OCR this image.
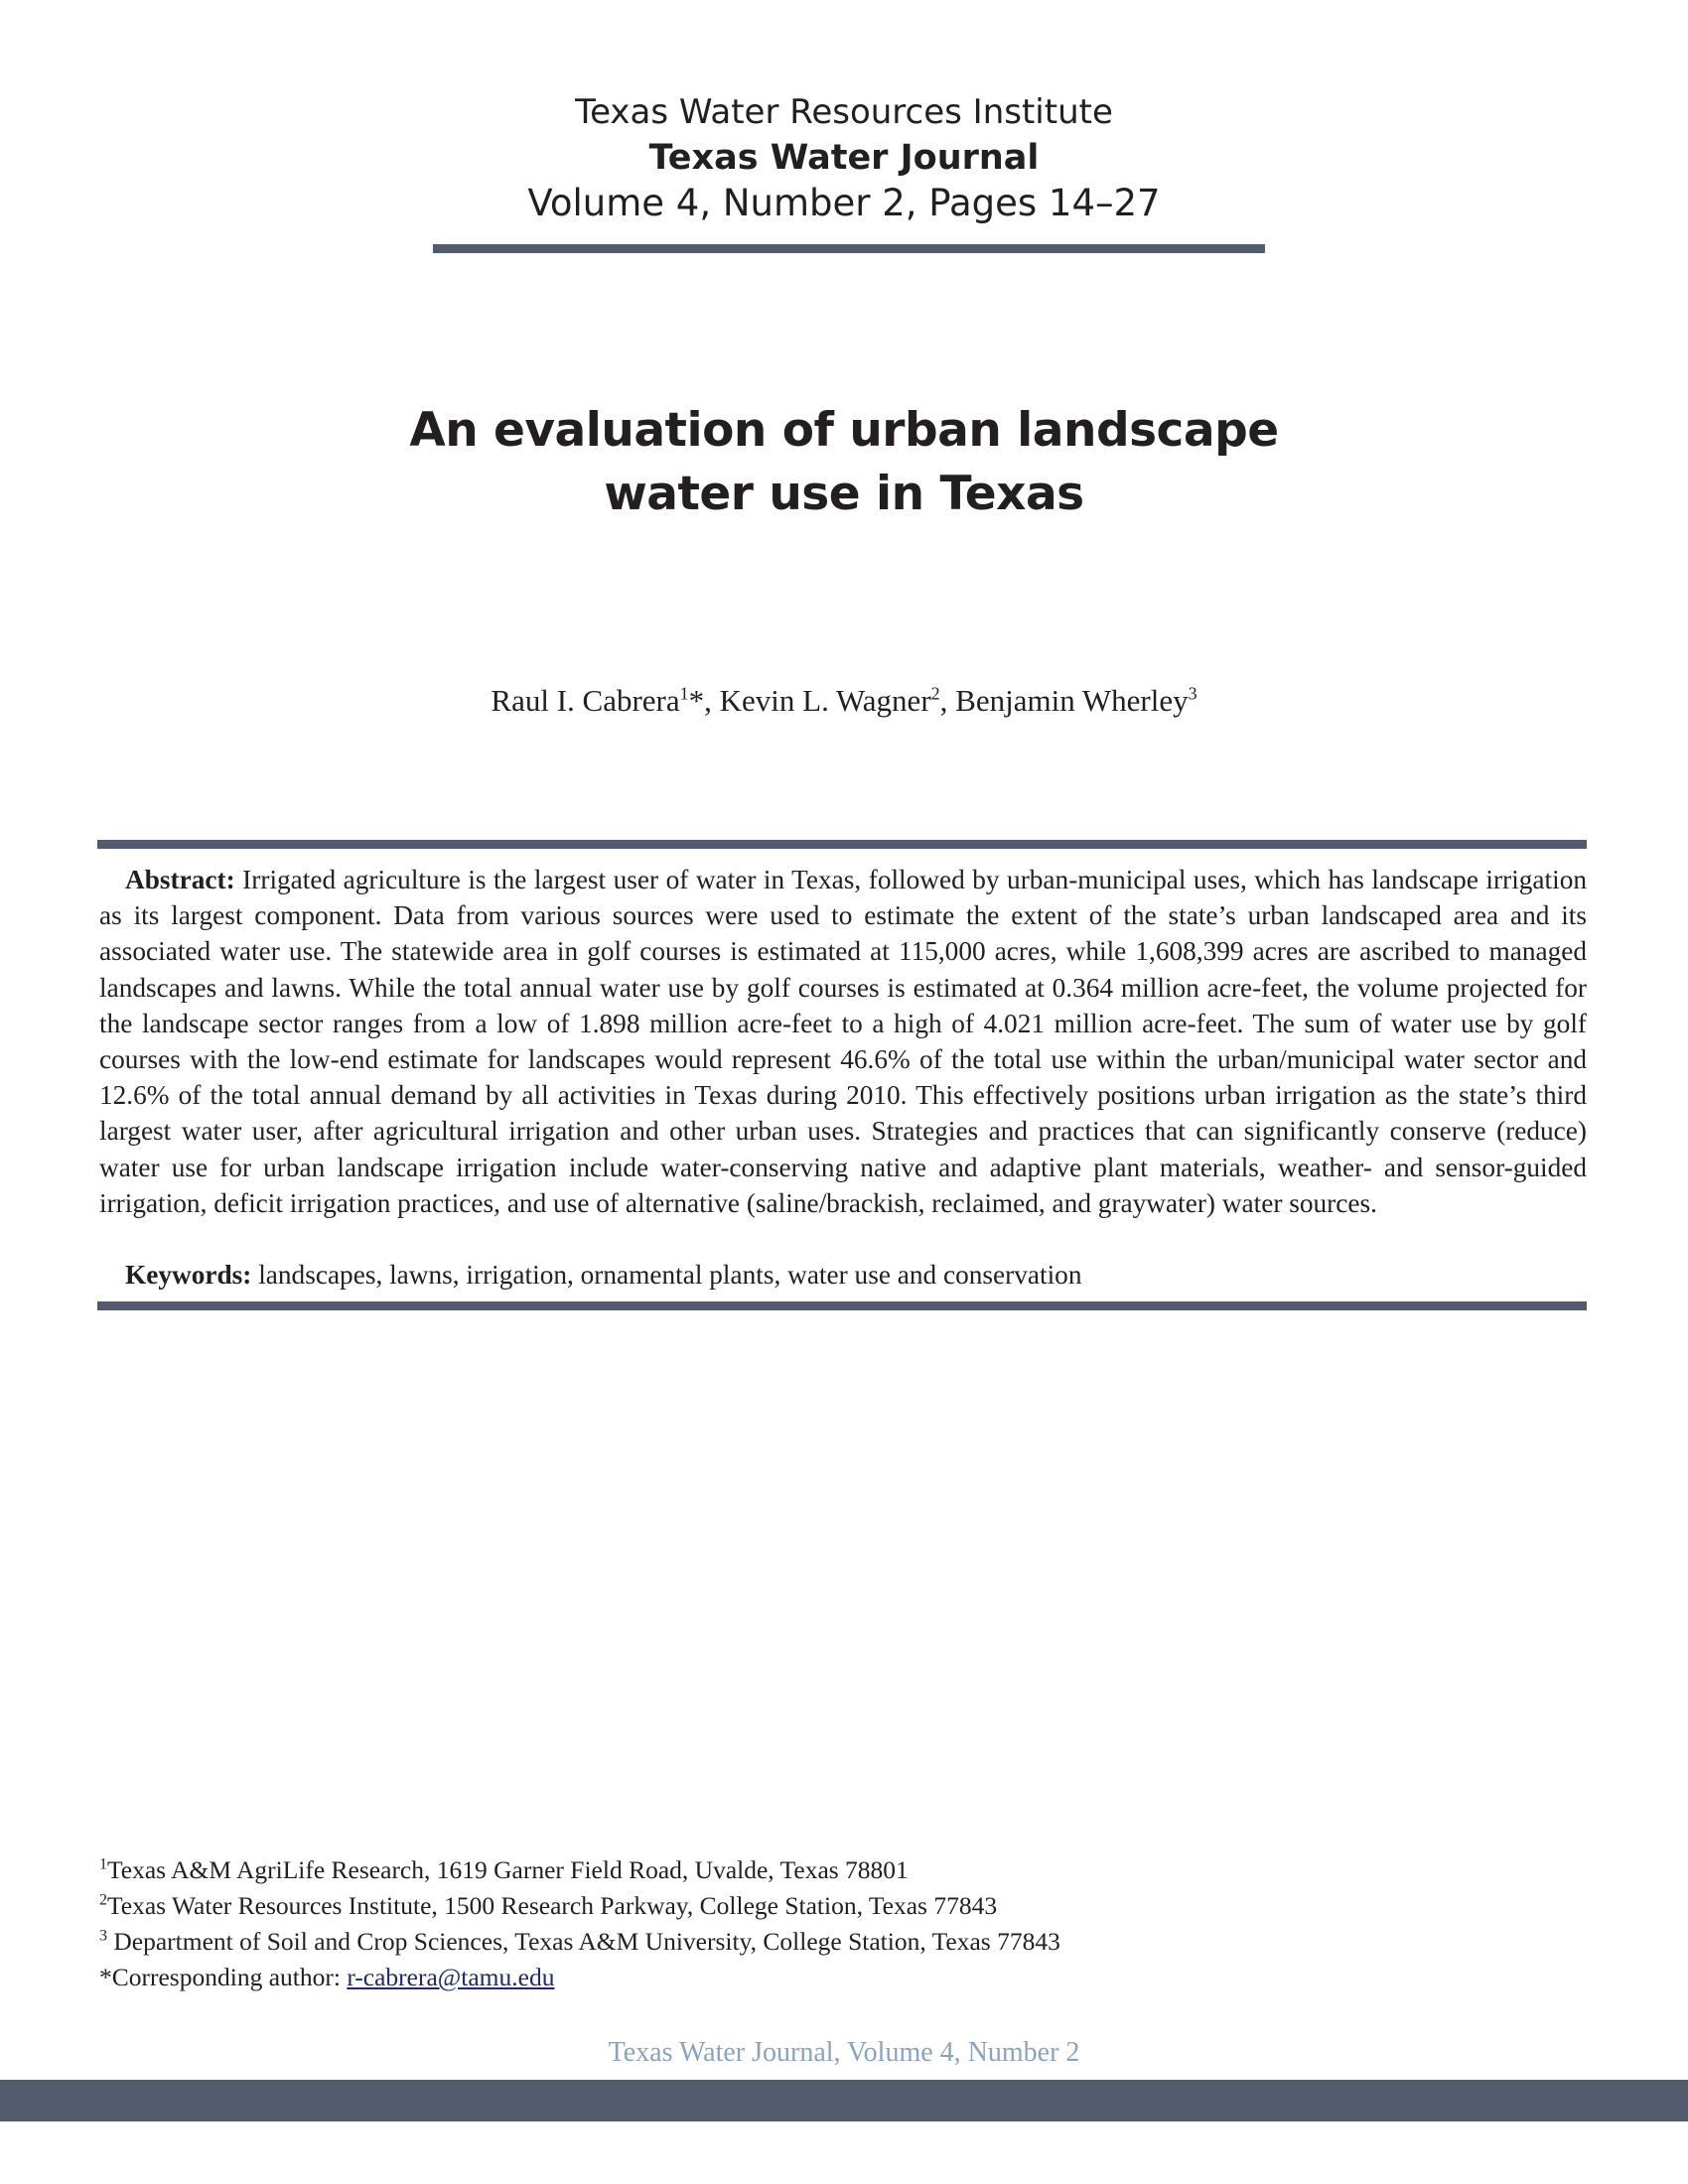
Texas Water Resources Institute
Texas Water Journal
Volume 4, Number 2, Pages 14–27
An evaluation of urban landscape
water use in Texas
Raul I. Cabrera$^1$*, Kevin L. Wagner$^2$, Benjamin Wherley$^3$

Abstract: Irrigated agriculture is the largest user of water in Texas, followed by urban-municipal uses, which has landscape irrigation as its largest component. Data from various sources were used to estimate the extent of the state’s urban landscaped area and its associated water use. The statewide area in golf courses is estimated at 115,000 acres, while 1,608,399 acres are ascribed to managed landscapes and lawns. While the total annual water use by golf courses is estimated at 0.364 million acre-feet, the volume projected for the landscape sector ranges from a low of 1.898 million acre-feet to a high of 4.021 million acre-feet. The sum of water use by golf courses with the low-end estimate for landscapes would represent 46.6% of the total use within the urban/municipal water sector and 12.6% of the total annual demand by all activities in Texas during 2010. This effectively positions urban irrigation as the state’s third largest water user, after agricultural irrigation and other urban uses. Strategies and practices that can significantly conserve (reduce) water use for urban landscape irrigation include water-conserving native and adaptive plant materials, weather- and sensor-guided irrigation, deficit irrigation practices, and use of alternative (saline/brackish, reclaimed, and graywater) water sources.

Keywords: landscapes, lawns, irrigation, ornamental plants, water use and conservation

$^1$Texas A&M AgriLife Research, 1619 Garner Field Road, Uvalde, Texas 78801
$^2$Texas Water Resources Institute, 1500 Research Parkway, College Station, Texas 77843
$^3$ Department of Soil and Crop Sciences, Texas A&M University, College Station, Texas 77843
*Corresponding author: r-cabrera@tamu.edu
Texas Water Journal, Volume 4, Number 2
